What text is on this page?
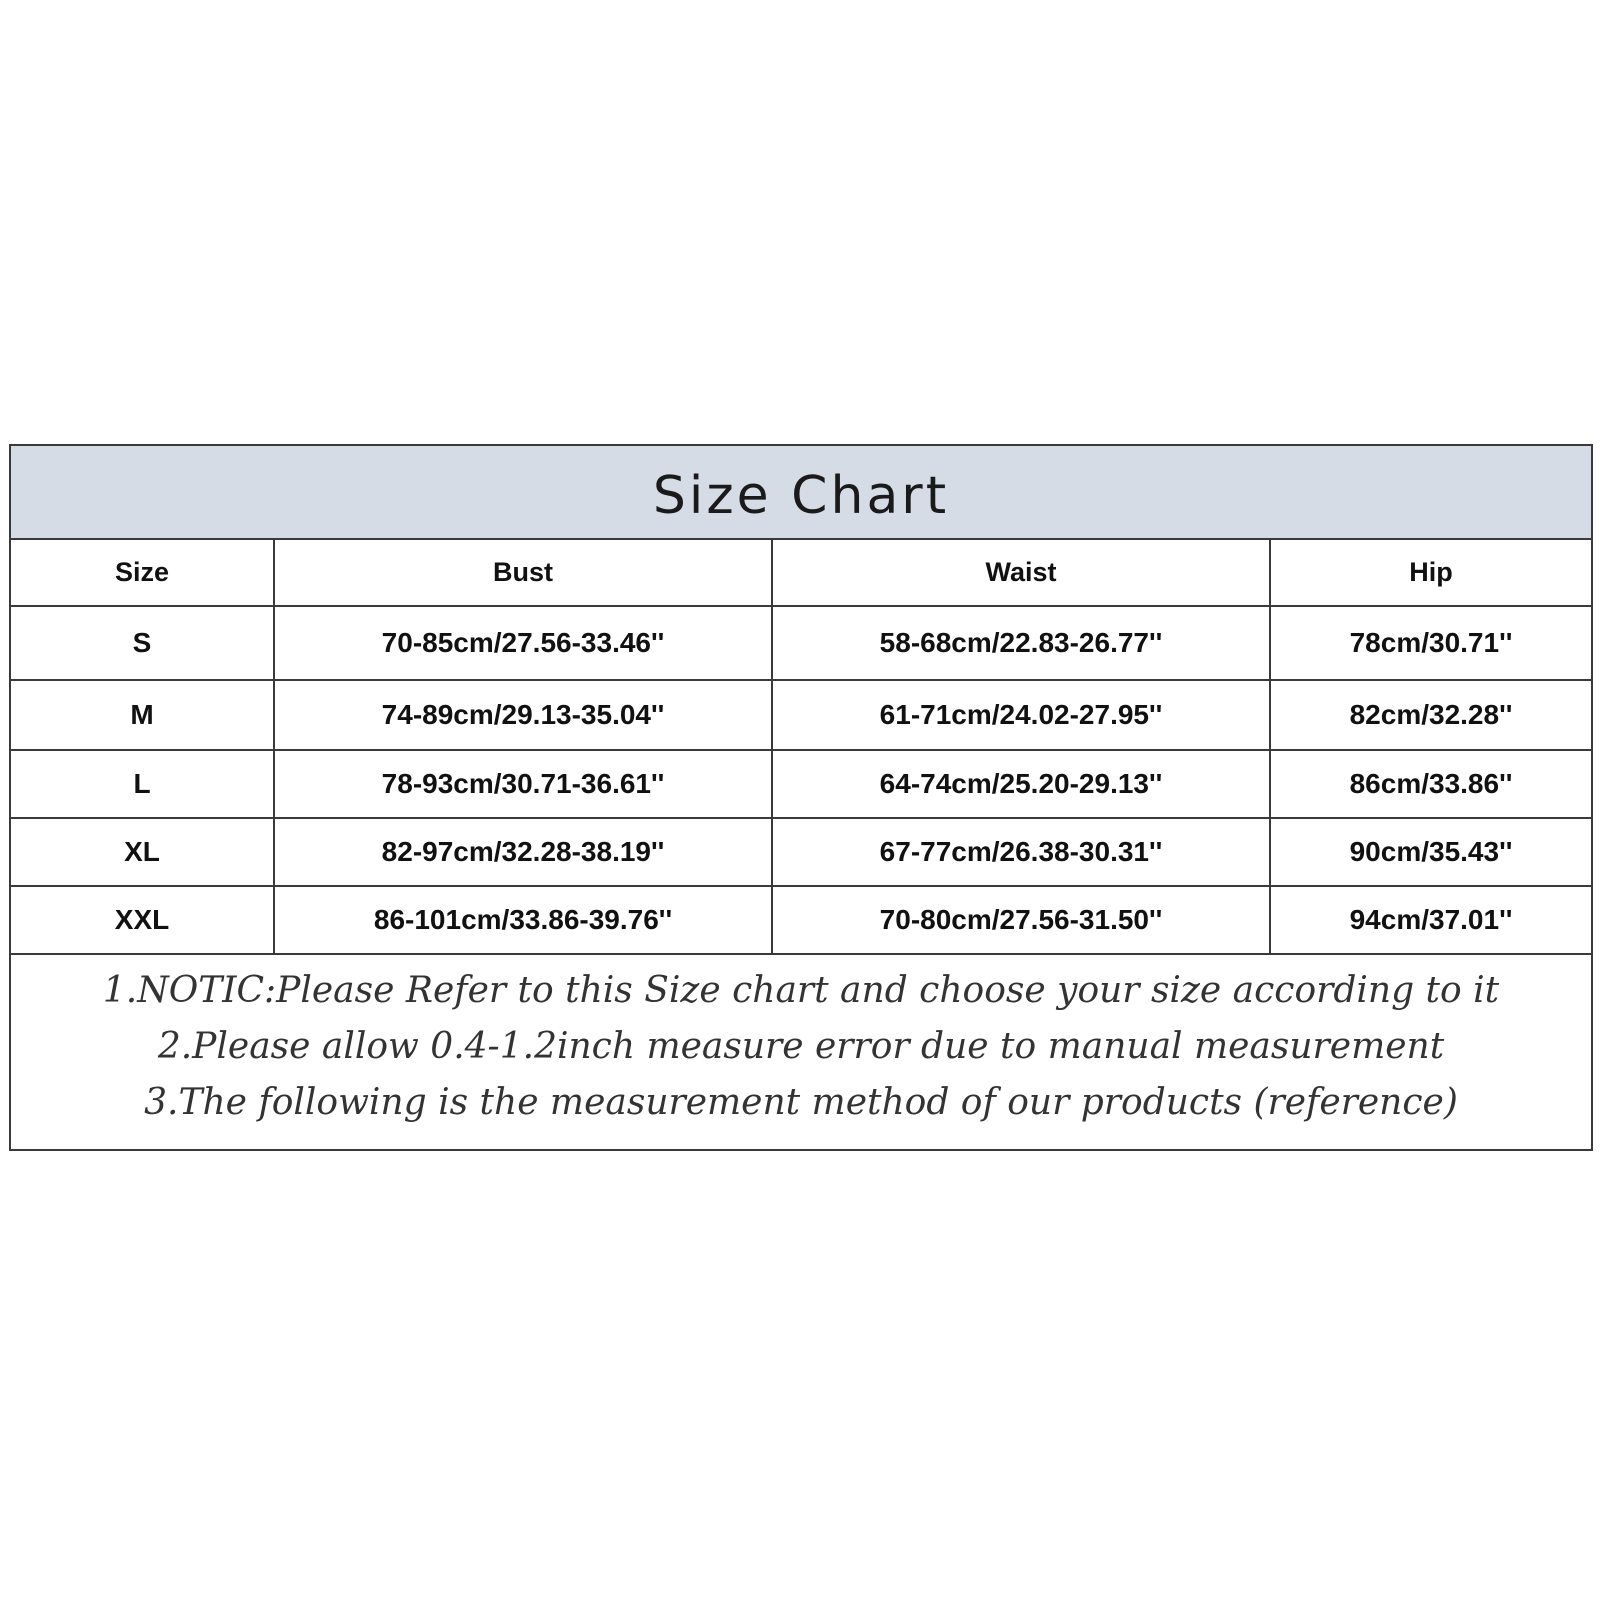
Size Chart
Size	Bust	Waist	Hip
S	70-85cm/27.56-33.46''	58-68cm/22.83-26.77''	78cm/30.71''
M	74-89cm/29.13-35.04''	61-71cm/24.02-27.95''	82cm/32.28''
L	78-93cm/30.71-36.61''	64-74cm/25.20-29.13''	86cm/33.86''
XL	82-97cm/32.28-38.19''	67-77cm/26.38-30.31''	90cm/35.43''
XXL	86-101cm/33.86-39.76''	70-80cm/27.56-31.50''	94cm/37.01''
1.NOTIC:Please Refer to this Size chart and choose your size according to it
2.Please allow 0.4-1.2inch measure error due to manual measurement
3.The following is the measurement method of our products (reference)
